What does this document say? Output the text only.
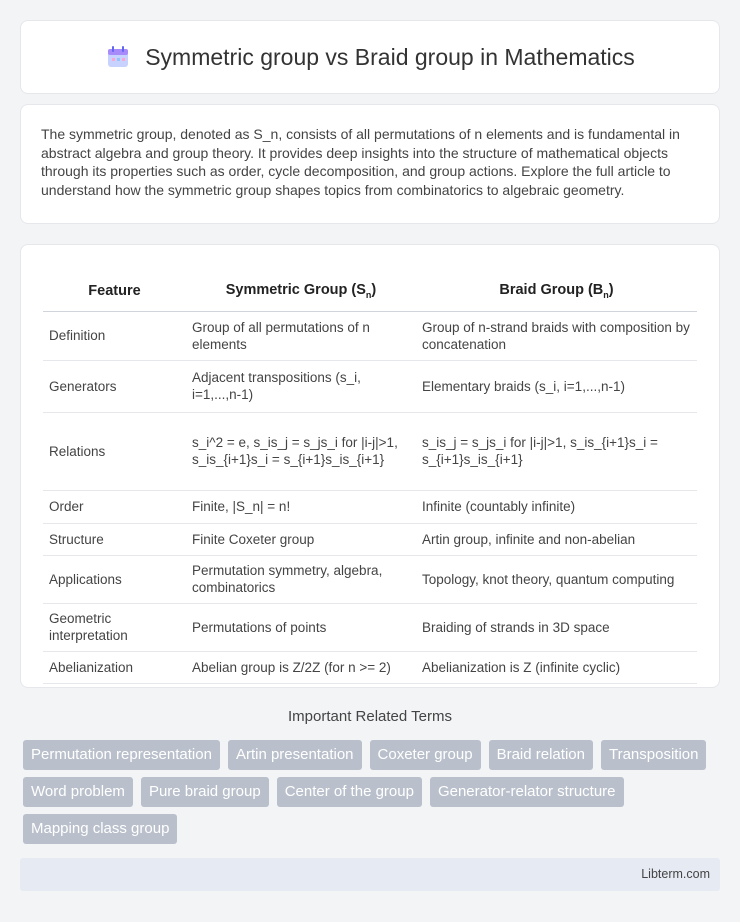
Symmetric group vs Braid group in Mathematics

The symmetric group, denoted as S_n, consists of all permutations of n elements and is fundamental in abstract algebra and group theory. It provides deep insights into the structure of mathematical objects through its properties such as order, cycle decomposition, and group actions. Explore the full article to understand how the symmetric group shapes topics from combinatorics to algebraic geometry.

Feature	Symmetric Group $(S_n)$	Braid Group $(B_n)$
Definition	Group of all permutations of n elements	Group of n-strand braids with composition by concatenation
Generators	Adjacent transpositions (s_i, i=1,...,n-1)	Elementary braids (s_i, i=1,...,n-1)
Relations	s_i^2 = e, s_is_j = s_js_i for |i-j|>1, s_is_{i+1}s_i = s_{i+1}s_is_{i+1}	s_is_j = s_js_i for |i-j|>1, s_is_{i+1}s_i = s_{i+1}s_is_{i+1}
Order	Finite, |S_n| = n!	Infinite (countably infinite)
Structure	Finite Coxeter group	Artin group, infinite and non-abelian
Applications	Permutation symmetry, algebra, combinatorics	Topology, knot theory, quantum computing
Geometric interpretation	Permutations of points	Braiding of strands in 3D space
Abelianization	Abelian group is Z/2Z (for n >= 2)	Abelianization is Z (infinite cyclic)
Important Related Terms
Permutation representation	Artin presentation	Coxeter group	Braid relation	Transposition
Word problem	Pure braid group	Center of the group	Generator-relator structure
Mapping class group
Libterm.com
